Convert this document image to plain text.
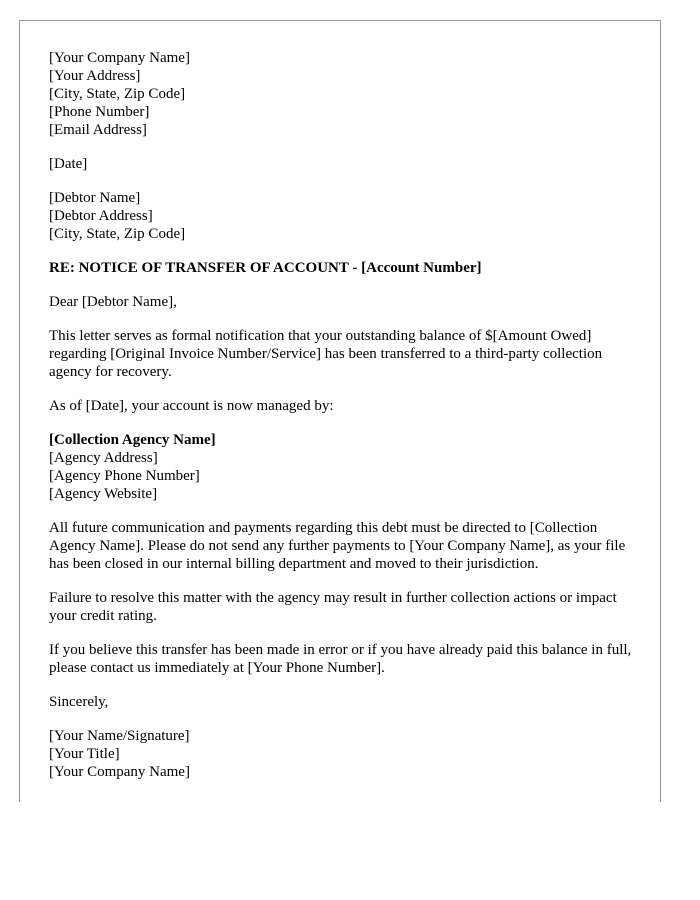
[Your Company Name]
[Your Address]
[City, State, Zip Code]
[Phone Number]
[Email Address]
[Date]
[Debtor Name]
[Debtor Address]
[City, State, Zip Code]
RE: NOTICE OF TRANSFER OF ACCOUNT - [Account Number]
Dear [Debtor Name],

This letter serves as formal notification that your outstanding balance of $[Amount Owed] regarding [Original Invoice Number/Service] has been transferred to a third-party collection agency for recovery.

As of [Date], your account is now managed by:

[Collection Agency Name]
[Agency Address]
[Agency Phone Number]
[Agency Website]

All future communication and payments regarding this debt must be directed to [Collection Agency Name]. Please do not send any further payments to [Your Company Name], as your file has been closed in our internal billing department and moved to their jurisdiction.

Failure to resolve this matter with the agency may result in further collection actions or impact your credit rating.

If you believe this transfer has been made in error or if you have already paid this balance in full, please contact us immediately at [Your Phone Number].

Sincerely,
[Your Name/Signature]
[Your Title]
[Your Company Name]
